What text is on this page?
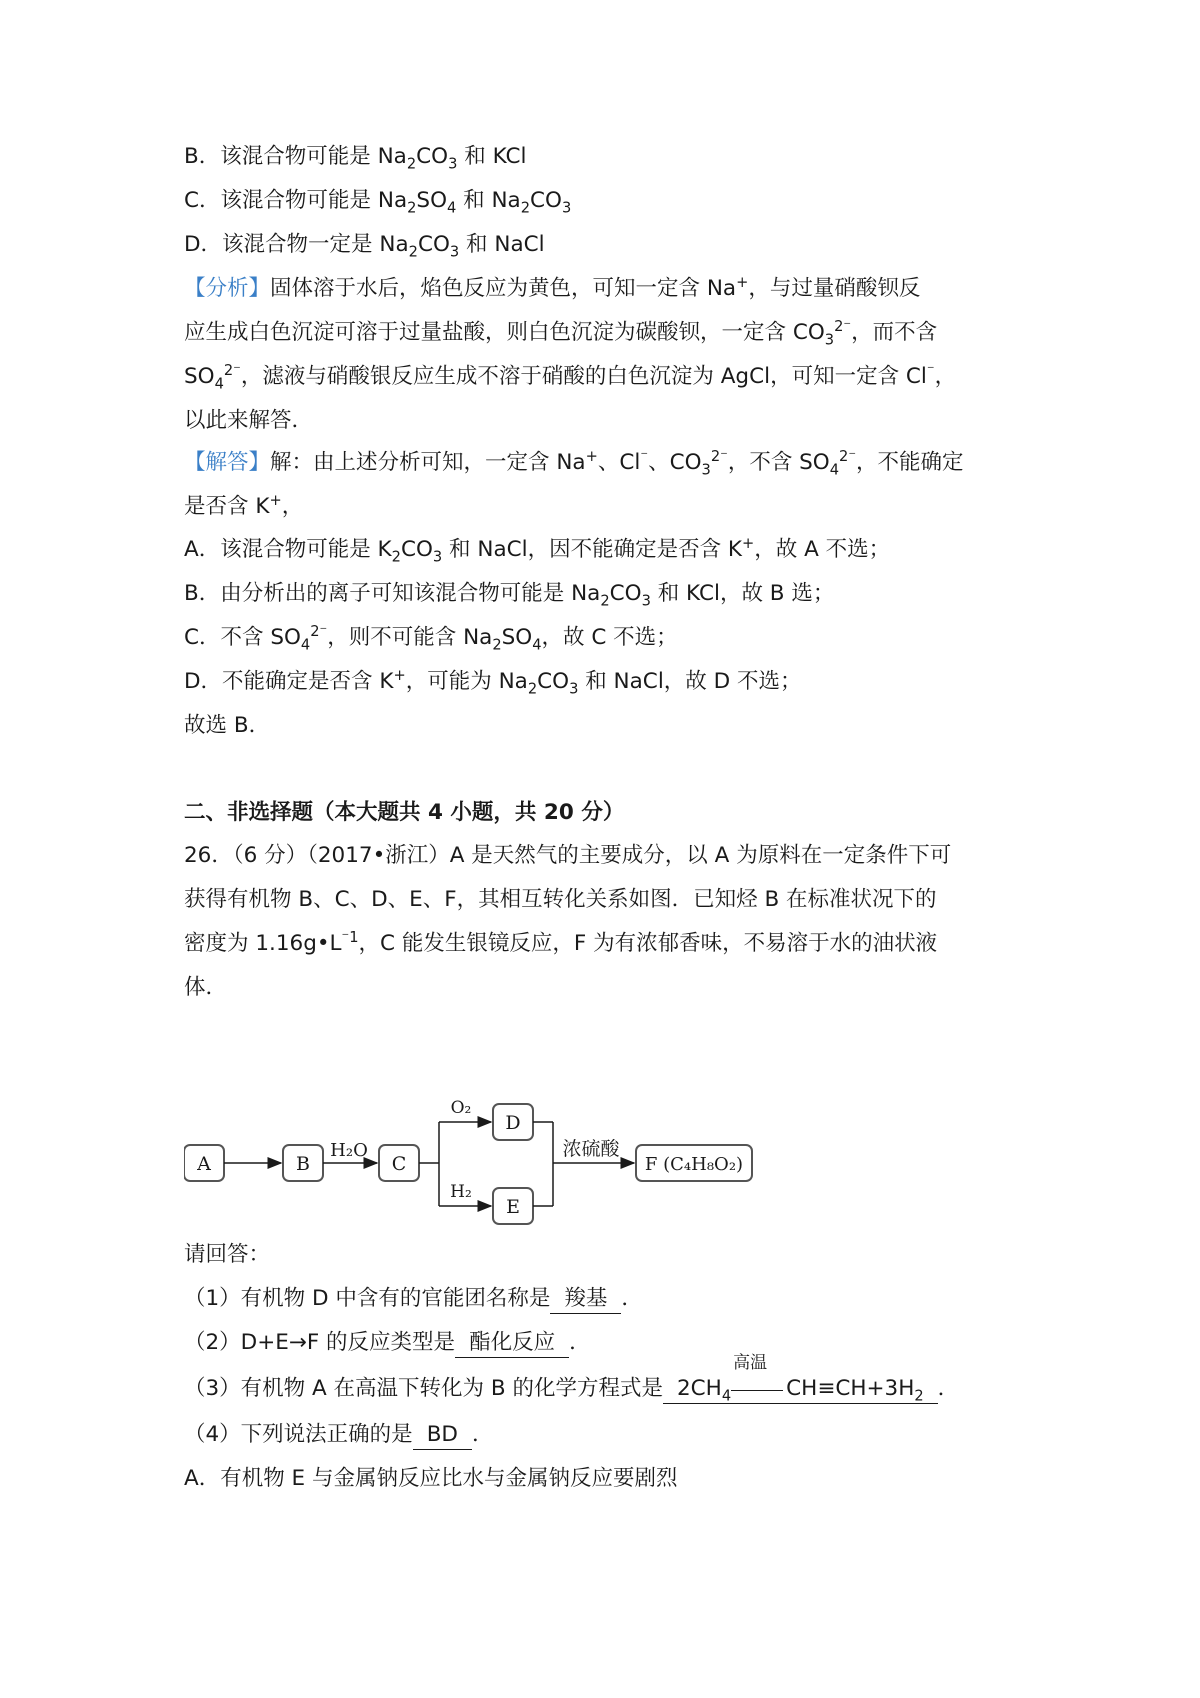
B．该混合物可能是 $Na_2CO_3$ 和 KCl
C．该混合物可能是 $Na_2SO_4$ 和 $Na_2CO_3$
D．该混合物一定是 $Na_2CO_3$ 和 NaCl
【分析】固体溶于水后，焰色反应为黄色，可知一定含 Na+，与过量硝酸钡反
应生成白色沉淀可溶于过量盐酸，则白色沉淀为碳酸钡，一定含 $CO_3^{2^-}$，而不含
$SO_4^{2^-}$，滤液与硝酸银反应生成不溶于硝酸的白色沉淀为 AgCl，可知一定含 Cl⁻，
以此来解答．
【解答】解：由上述分析可知，一定含 Na+、Cl⁻、$CO_3^{2^-}$，不含 $SO_4^{2^-}$，不能确定
是否含 K+，
A．该混合物可能是 $K_2CO_3$ 和 NaCl，因不能确定是否含 K+，故 A 不选；
B．由分析出的离子可知该混合物可能是 $Na_2CO_3$ 和 KCl，故 B 选；
C．不含 $SO_4^{2^-}$，则不可能含 $Na_2SO_4$，故 C 不选；
D．不能确定是否含 K+，可能为 $Na_2CO_3$ 和 NaCl，故 D 不选；
故选 B．
二、非选择题（本大题共 4 小题，共 20 分）
26．（6 分）（2017•浙江）A 是天然气的主要成分，以 A 为原料在一定条件下可
获得有机物 B、C、D、E、F，其相互转化关系如图．已知烃 B 在标准状况下的
密度为 $1.16g•L^{^-1}$，C 能发生银镜反应，F 为有浓郁香味，不易溶于水的油状液
体．
A	B	C
D
E
F (C₄H₈O₂)
H₂O
O₂
H₂
浓硫酸
请回答：
（1）有机物 D 中含有的官能团名称是 羧基 ．
（2）D+E→F 的反应类型是 酯化反应 ．
（3）有机物 A 在高温下转化为 B 的化学方程式是 $2CH_4$
高温
$CH\equiv CH+3H_2$ ．
（4）下列说法正确的是 BD ．
A．有机物 E 与金属钠反应比水与金属钠反应要剧烈
